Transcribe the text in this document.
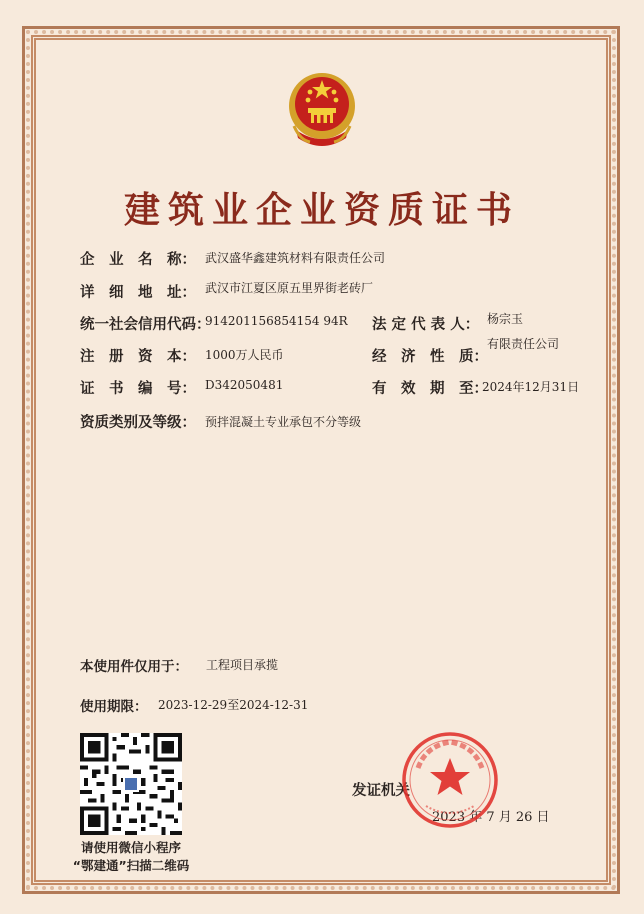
建筑业企业资质证书
企　业　名　称： 武汉盛华鑫建筑材料有限责任公司
详　细　地　址： 武汉市江夏区原五里界街老砖厂
统一社会信用代码：
914201156854154 94R 法 定 代 表 人： 杨宗玉
注　册　资　本： 1000万人民币	经　济　性　质：
有限责任公司
证　书　编　号： D342050481	有　效　期　至：
2024年12月31日
资质类别及等级： 预拌混凝土专业承包不分等级
本使用件仅用于： 工程项目承揽
使用期限： 2023-12-29至2024-12-31
请使用微信小程序
“鄂建通”扫描二维码
发证机关
2023 年 7 月 26 日
